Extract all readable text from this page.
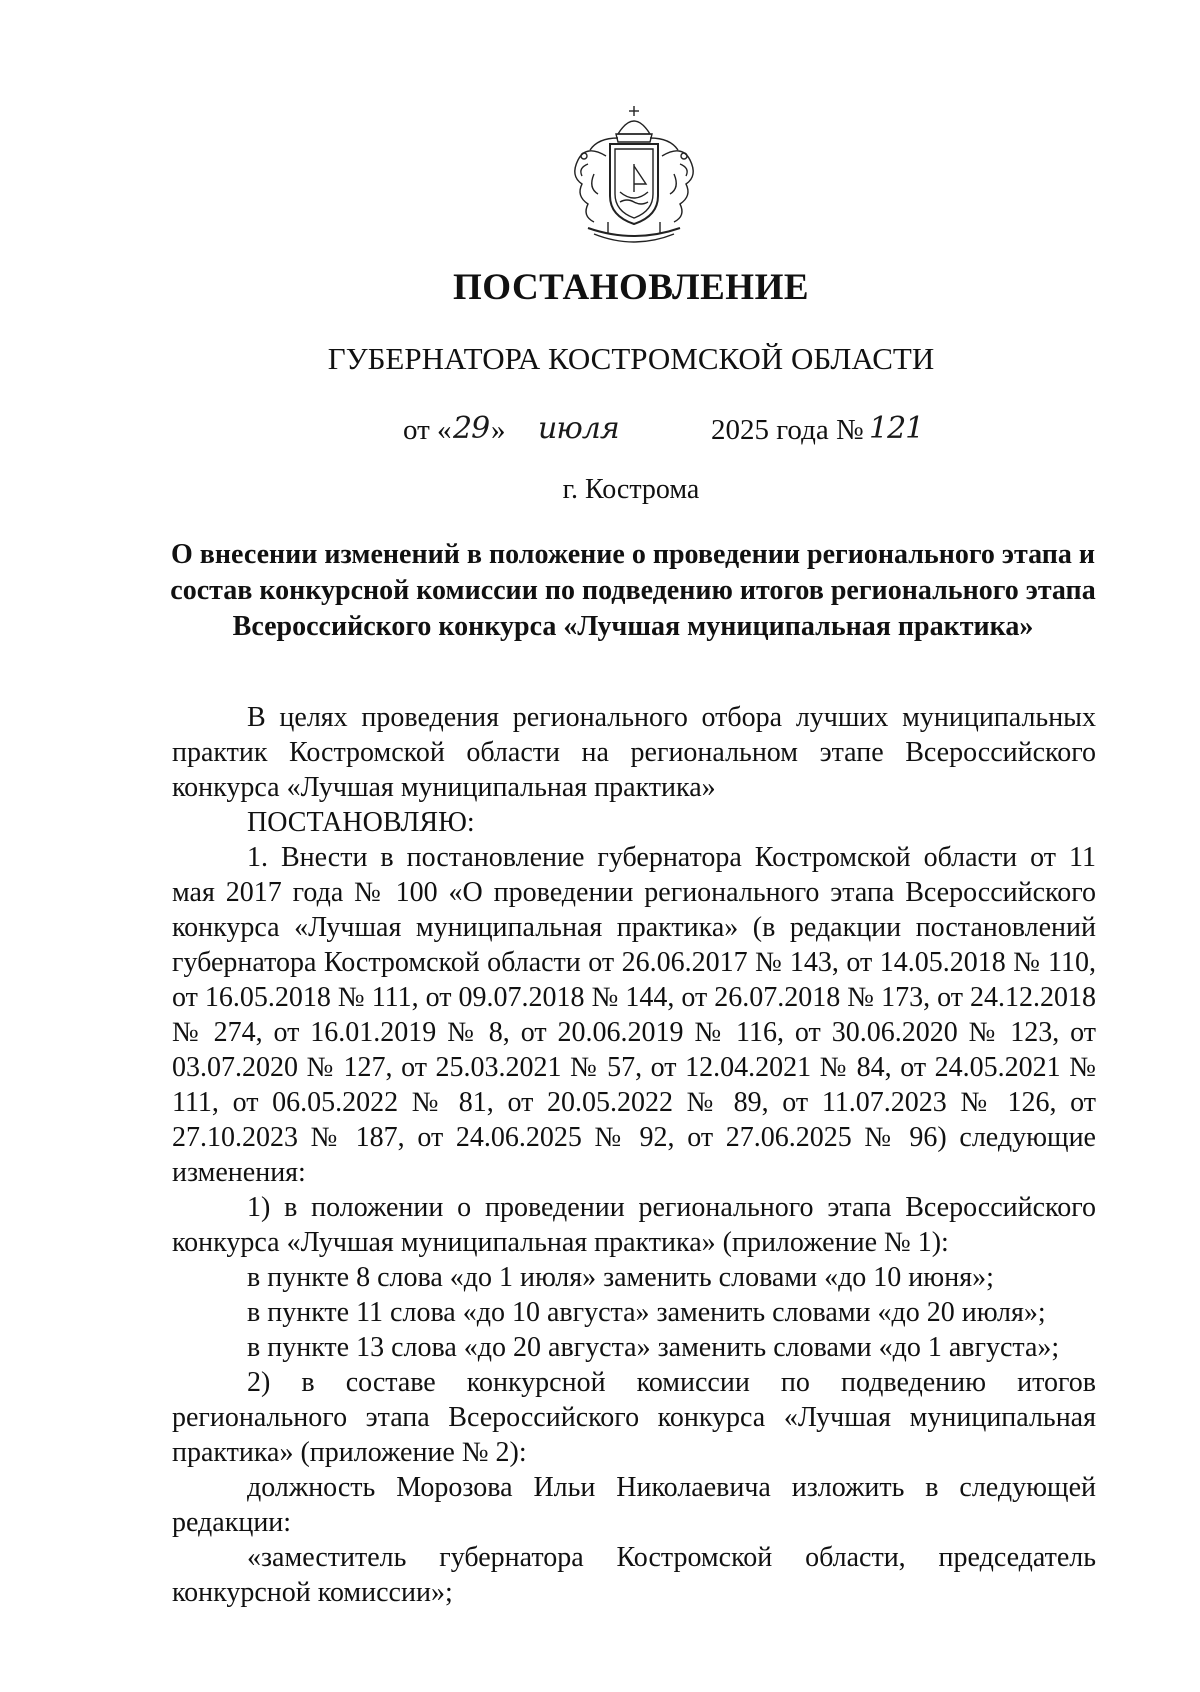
ПОСТАНОВЛЕНИЕ
ГУБЕРНАТОРА КОСТРОМСКОЙ ОБЛАСТИ
от « 29 » июля	2025 года № 121
г. Кострома
О внесении изменений в положение о проведении регионального этапа и состав конкурсной комиссии по подведению итогов регионального этапа Всероссийского конкурса «Лучшая муниципальная практика»

В целях проведения регионального отбора лучших муниципальных практик Костромской области на региональном этапе Всероссийского конкурса «Лучшая муниципальная практика»

ПОСТАНОВЛЯЮ:

1. Внести в постановление губернатора Костромской области от 11 мая 2017 года № 100 «О проведении регионального этапа Всероссийского конкурса «Лучшая муниципальная практика» (в редакции постановлений губернатора Костромской области от 26.06.2017 № 143, от 14.05.2018 № 110, от 16.05.2018 № 111, от 09.07.2018 № 144, от 26.07.2018 № 173, от 24.12.2018 № 274, от 16.01.2019 № 8, от 20.06.2019 № 116, от 30.06.2020 № 123, от 03.07.2020 № 127, от 25.03.2021 № 57, от 12.04.2021 № 84, от 24.05.2021 № 111, от 06.05.2022 № 81, от 20.05.2022 № 89, от 11.07.2023 № 126, от 27.10.2023 № 187, от 24.06.2025 № 92, от 27.06.2025 № 96) следующие изменения:

1) в положении о проведении регионального этапа Всероссийского конкурса «Лучшая муниципальная практика» (приложение № 1):

в пункте 8 слова «до 1 июля» заменить словами «до 10 июня»;

в пункте 11 слова «до 10 августа» заменить словами «до 20 июля»;

в пункте 13 слова «до 20 августа» заменить словами «до 1 августа»;

2) в составе конкурсной комиссии по подведению итогов регионального этапа Всероссийского конкурса «Лучшая муниципальная практика» (приложение № 2):

должность Морозова Ильи Николаевича изложить в следующей редакции:

«заместитель губернатора Костромской области, председатель конкурсной комиссии»;
